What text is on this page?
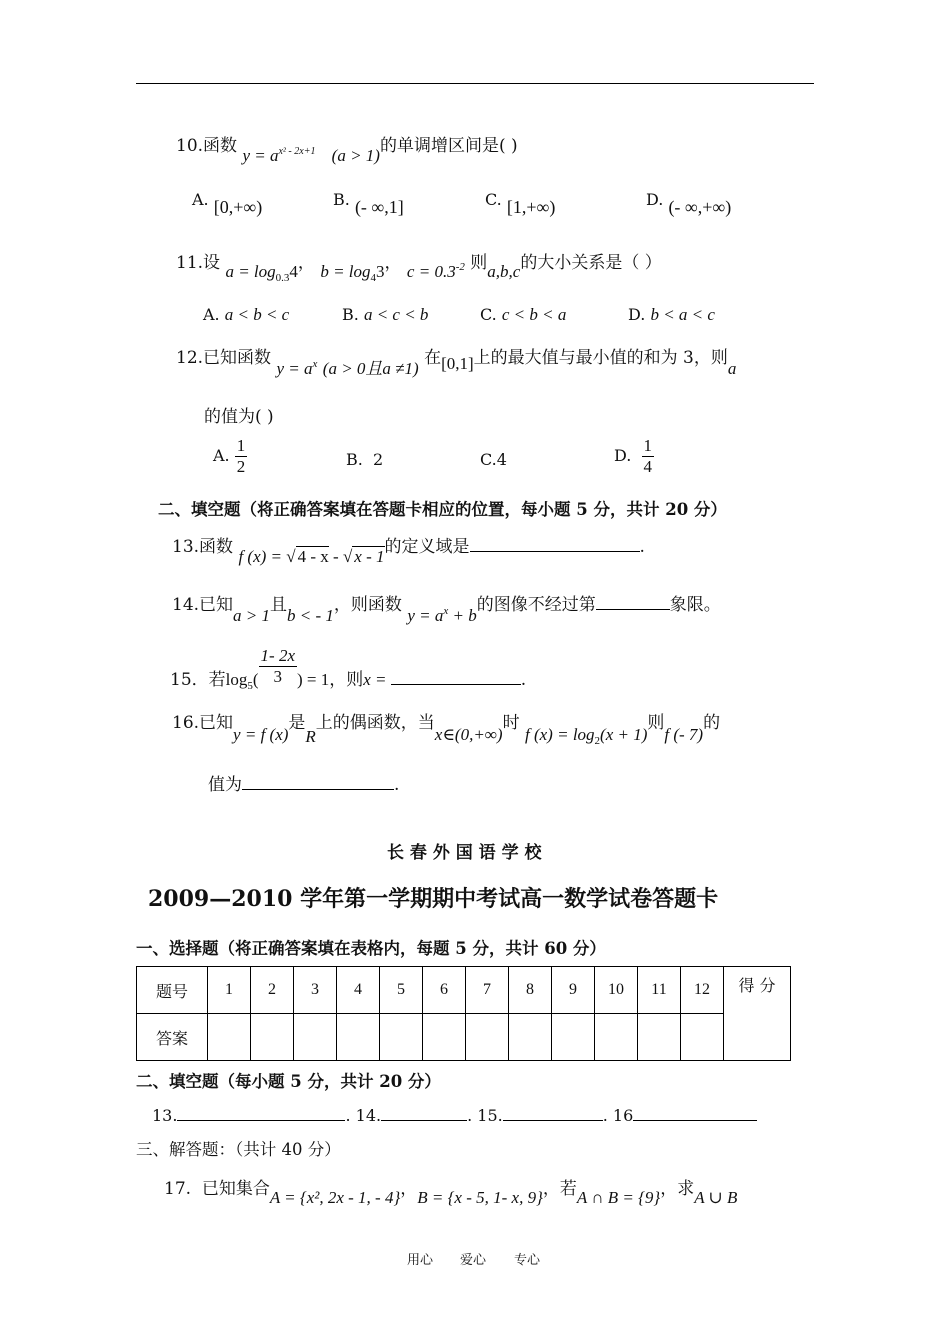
10.函数 $y = a^{x^2 - 2x+1}$ (a > 1)的单调增区间是( )
A. [0,+∞)	B. (- ∞,1]	C. [1,+∞)	D. (- ∞,+∞)
11.设 $a = \log_{0.3}4$， $b = \log_43$， $c = 0.3^{-2}$ 则a,b,c的大小关系是（ ）
A. a < b < c	B. a < c < b	C. c < b < a	D. b < a < c
12.已知函数 $y = a^x$ (a > 0且a ≠1) 在[0,1]上的最大值与最小值的和为 3，则a
的值为( )
A. $\frac{1}{2}$	B. 2	C.4	D. $\frac{1}{4}$
二、填空题（将正确答案填在答题卡相应的位置，每小题 5 分，共计 20 分）
13.函数 f (x) = √ 4 - x - √ x - 1的定义域是	.
14.已知a > 1且b < - 1，则函数 $y = a^x + b$的图像不经过第	象限。
15．若$\log_5( \frac{1- 2x}{3}$ ) = 1，则x =	.
16.已知y = f (x)是R上的偶函数，当x∈(0,+∞)时 f $(x) = \log_2(x + 1)$则f (- 7)的
值为	.
长 春 外 国 语 学 校
2009—2010 学年第一学期期中考试高一数学试卷答题卡
一、选择题（将正确答案填在表格内，每题 5 分，共计 60 分）
题号	1	2	3	4	5	6	7	8	9	10	11	12	得 分
答案													
二、填空题（每小题 5 分，共计 20 分）
13.	. 14.	. 15.	. 16
三、解答题：（共计 40 分）
17. 已知集合A = {x², 2x - 1, - 4}，B = {x - 5, 1- x, 9}，若A ∩ B = {9}，求A ∪ B
用心 爱心 专心
